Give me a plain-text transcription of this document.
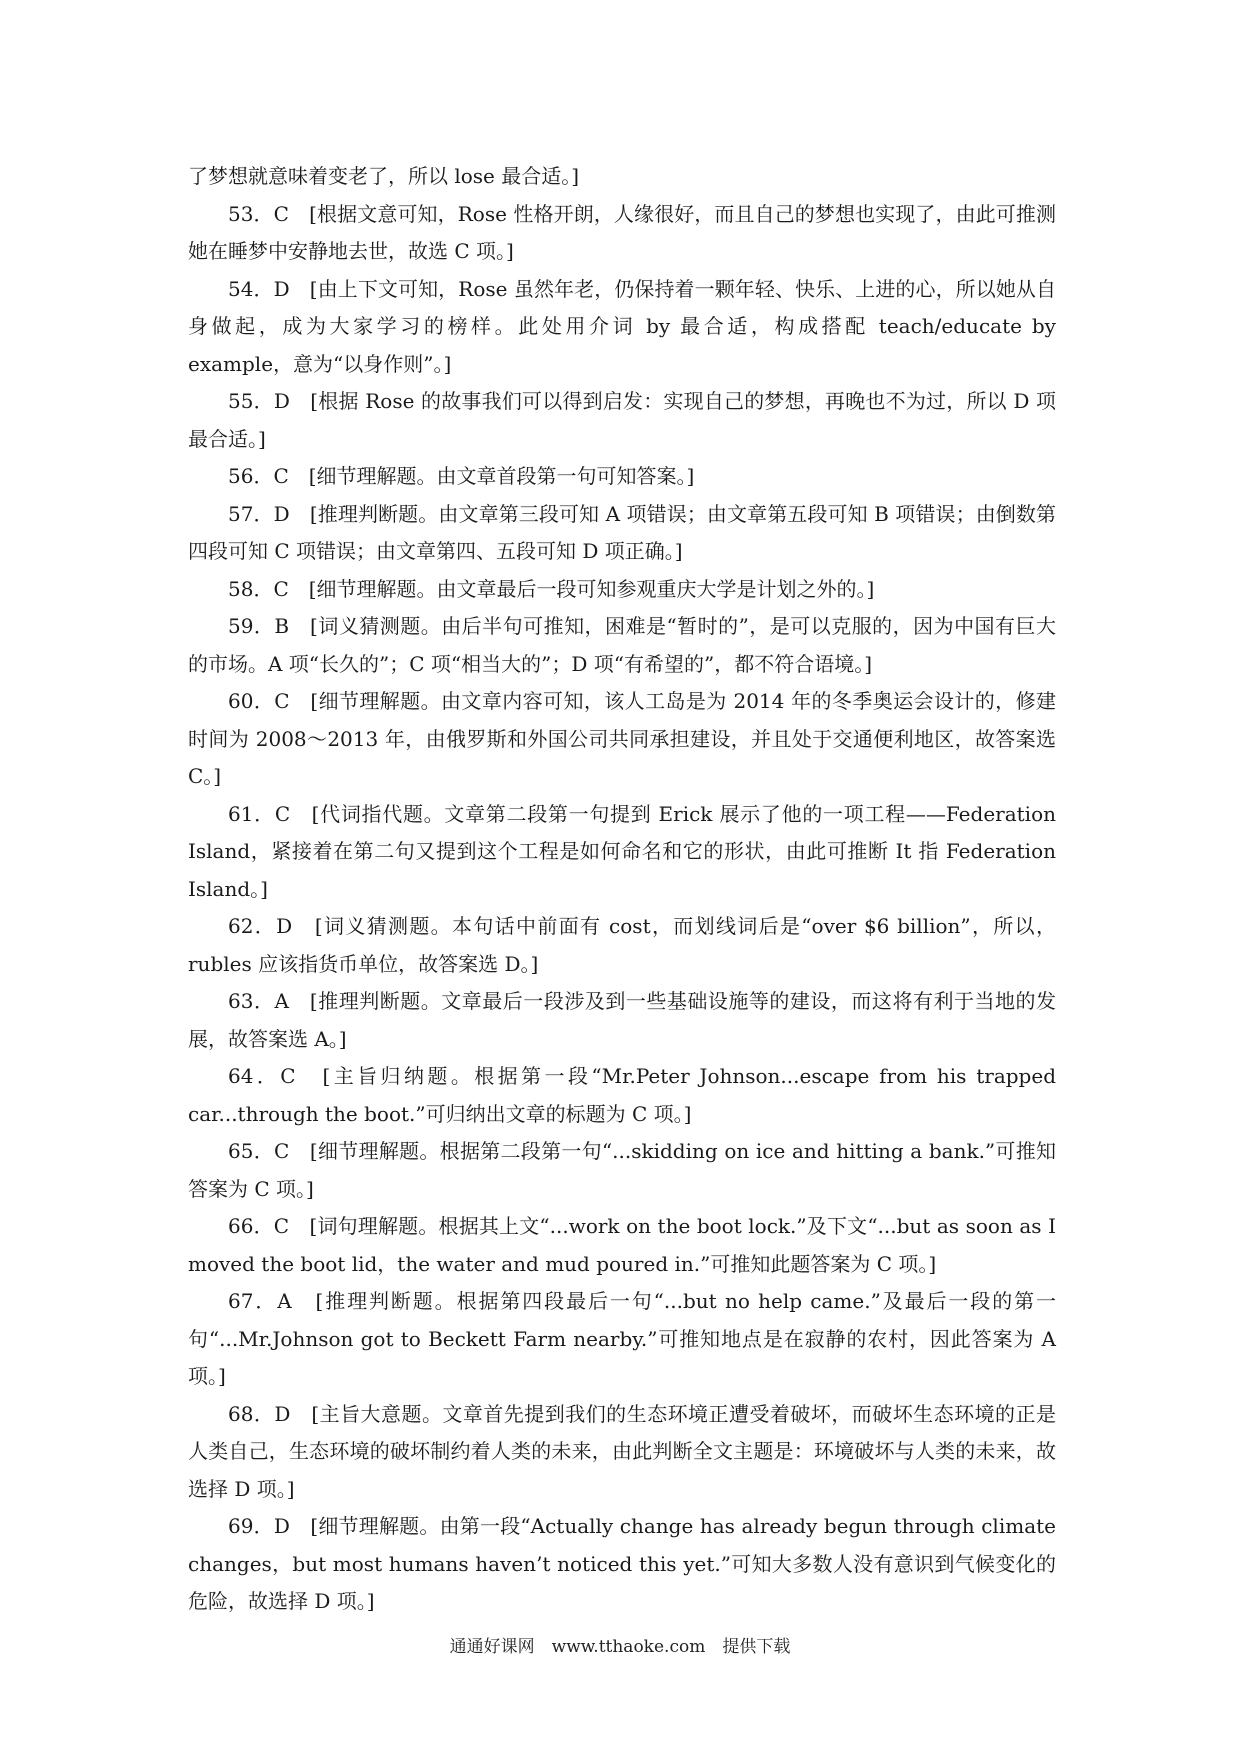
了梦想就意味着变老了，所以 lose 最合适。]

53．C　[根据文意可知，Rose 性格开朗，人缘很好，而且自己的梦想也实现了，由此可推测她在睡梦中安静地去世，故选 C 项。]

54．D　[由上下文可知，Rose 虽然年老，仍保持着一颗年轻、快乐、上进的心，所以她从自身做起，成为大家学习的榜样。此处用介词 by 最合适，构成搭配 teach/educate by example，意为“以身作则”。]

55．D　[根据 Rose 的故事我们可以得到启发：实现自己的梦想，再晚也不为过，所以 D 项最合适。]

56．C　[细节理解题。由文章首段第一句可知答案。]

57．D　[推理判断题。由文章第三段可知 A 项错误；由文章第五段可知 B 项错误；由倒数第四段可知 C 项错误；由文章第四、五段可知 D 项正确。]

58．C　[细节理解题。由文章最后一段可知参观重庆大学是计划之外的。]

59．B　[词义猜测题。由后半句可推知，困难是“暂时的”，是可以克服的，因为中国有巨大的市场。A 项“长久的”；C 项“相当大的”；D 项“有希望的”，都不符合语境。]

60．C　[细节理解题。由文章内容可知，该人工岛是为 2014 年的冬季奥运会设计的，修建时间为 2008～2013 年，由俄罗斯和外国公司共同承担建设，并且处于交通便利地区，故答案选 C。]

61．C　[代词指代题。文章第二段第一句提到 Erick 展示了他的一项工程——Federation Island，紧接着在第二句又提到这个工程是如何命名和它的形状，由此可推断 It 指 Federation Island。]

62．D　[词义猜测题。本句话中前面有 cost，而划线词后是“over $6 billion”，所以，rubles 应该指货币单位，故答案选 D。]

63．A　[推理判断题。文章最后一段涉及到一些基础设施等的建设，而这将有利于当地的发展，故答案选 A。]

64．C　[主旨归纳题。根据第一段“Mr.Peter Johnson...escape from his trapped car...through the boot.”可归纳出文章的标题为 C 项。]

65．C　[细节理解题。根据第二段第一句“...skidding on ice and hitting a bank.”可推知答案为 C 项。]

66．C　[词句理解题。根据其上文“...work on the boot lock.”及下文“...but as soon as I moved the boot lid，the water and mud poured in.”可推知此题答案为 C 项。]

67．A　[推理判断题。根据第四段最后一句“...but no help came.”及最后一段的第一句“...Mr.Johnson got to Beckett Farm nearby.”可推知地点是在寂静的农村，因此答案为 A 项。]

68．D　[主旨大意题。文章首先提到我们的生态环境正遭受着破坏，而破坏生态环境的正是人类自己，生态环境的破坏制约着人类的未来，由此判断全文主题是：环境破坏与人类的未来，故选择 D 项。]

69．D　[细节理解题。由第一段“Actually change has already begun through climate changes，but most humans haven’t noticed this yet.”可知大多数人没有意识到气候变化的危险，故选择 D 项。]

通通好课网　www.tthaoke.com　提供下载
